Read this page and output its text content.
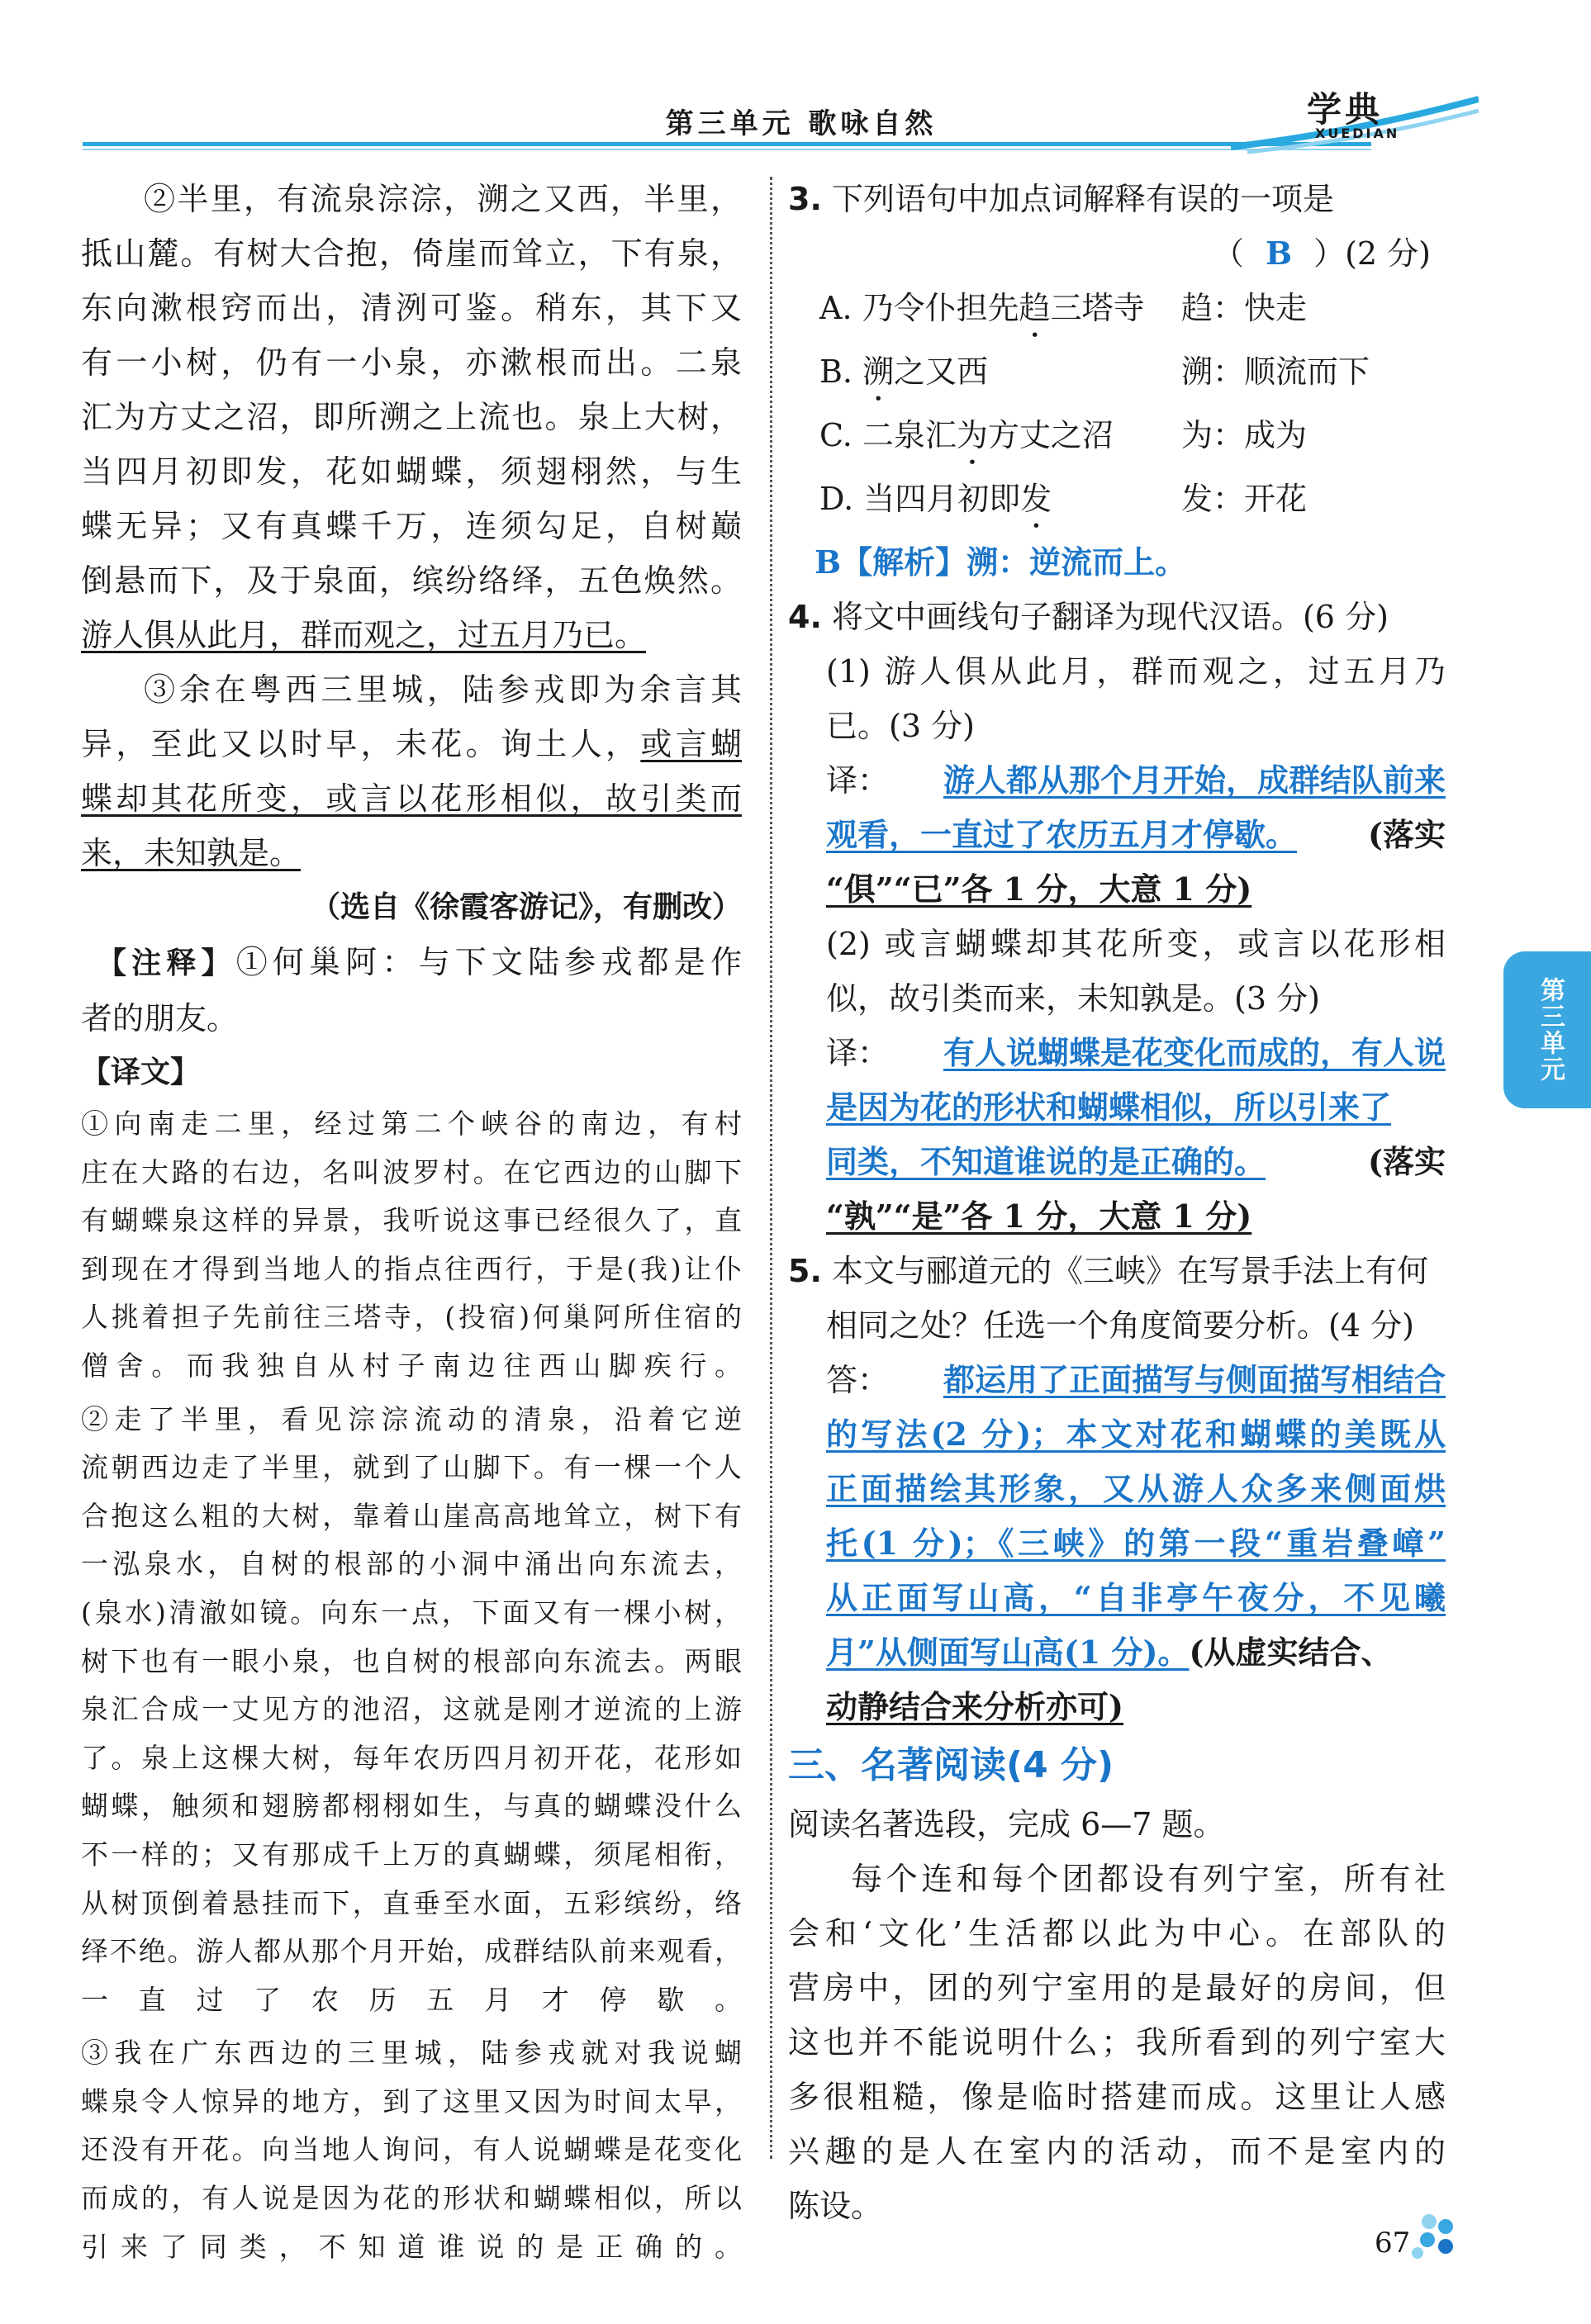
第三单元 歌咏自然	学典
XUEDIAN
②半里，有流泉淙淙，溯之又西，半里，
抵山麓。有树大合抱，倚崖而耸立，下有泉，
东向漱根窍而出，清洌可鉴。稍东，其下又
有一小树，仍有一小泉，亦漱根而出。二泉
汇为方丈之沼，即所溯之上流也。泉上大树，
当四月初即发，花如蝴蝶，须翅栩然，与生
蝶无异；又有真蝶千万，连须勾足，自树巅
倒悬而下，及于泉面，缤纷络绎，五色焕然。
游人俱从此月，群而观之，过五月乃已。
③余在粤西三里城，陆参戎即为余言其
异，至此又以时早，未花。询土人，或言蝴
蝶却其花所变，或言以花形相似，故引类而
来，未知孰是。
（选自《徐霞客游记》，有删改）
【注释】①何巢阿：与下文陆参戎都是作
者的朋友。
【译文】
①向南走二里，经过第二个峡谷的南边，有村
庄在大路的右边，名叫波罗村。在它西边的山脚下
有蝴蝶泉这样的异景，我听说这事已经很久了，直
到现在才得到当地人的指点往西行，于是(我)让仆
人挑着担子先前往三塔寺，(投宿)何巢阿所住宿的
僧舍。而我独自从村子南边往西山脚疾行。
②走了半里，看见淙淙流动的清泉，沿着它逆
流朝西边走了半里，就到了山脚下。有一棵一个人
合抱这么粗的大树，靠着山崖高高地耸立，树下有
一泓泉水，自树的根部的小洞中涌出向东流去，
(泉水)清澈如镜。向东一点，下面又有一棵小树，
树下也有一眼小泉，也自树的根部向东流去。两眼
泉汇合成一丈见方的池沼，这就是刚才逆流的上游
了。泉上这棵大树，每年农历四月初开花，花形如
蝴蝶，触须和翅膀都栩栩如生，与真的蝴蝶没什么
不一样的；又有那成千上万的真蝴蝶，须尾相衔，
从树顶倒着悬挂而下，直垂至水面，五彩缤纷，络
绎不绝。游人都从那个月开始，成群结队前来观看，
一直过了农历五月才停歇。
③我在广东西边的三里城，陆参戎就对我说蝴
蝶泉令人惊异的地方，到了这里又因为时间太早，
还没有开花。向当地人询问，有人说蝴蝶是花变化
而成的，有人说是因为花的形状和蝴蝶相似，所以
引来了同类，不知道谁说的是正确的。
3. 下列语句中加点词解释有误的一项是
（ B ）(2 分)
A. 乃令仆担先趋三塔寺 趋：快走
B. 溯之又西	溯：顺流而下
C. 二泉汇为方丈之沼 为：成为
D. 当四月初即发	发：开花
B【解析】溯：逆流而上。
4. 将文中画线句子翻译为现代汉语。(6 分)
(1) 游人俱从此月，群而观之，过五月乃
已。(3 分)
译： 游人都从那个月开始，成群结队前来
观看，一直过了农历五月才停歇。 (落实
“俱”“已”各 1 分，大意 1 分)
(2) 或言蝴蝶却其花所变，或言以花形相
似，故引类而来，未知孰是。(3 分)
译： 有人说蝴蝶是花变化而成的，有人说
是因为花的形状和蝴蝶相似，所以引来了
同类，不知道谁说的是正确的。	(落实
“孰”“是”各 1 分，大意 1 分)
5. 本文与郦道元的《三峡》在写景手法上有何
相同之处？任选一个角度简要分析。(4 分)
答： 都运用了正面描写与侧面描写相结合
的写法(2 分)；本文对花和蝴蝶的美既从
正面描绘其形象，又从游人众多来侧面烘
托(1 分)；《三峡》的第一段“重岩叠嶂”
从正面写山高，“自非亭午夜分，不见曦
月”从侧面写山高(1 分)。(从虚实结合、
动静结合来分析亦可)
三、名著阅读(4 分)
阅读名著选段，完成 6—7 题。
每个连和每个团都设有列宁室，所有社
会和‘文化’生活都以此为中心。在部队的
营房中，团的列宁室用的是最好的房间，但
这也并不能说明什么；我所看到的列宁室大
多很粗糙，像是临时搭建而成。这里让人感
兴趣的是人在室内的活动，而不是室内的
陈设。
第三单元
67
